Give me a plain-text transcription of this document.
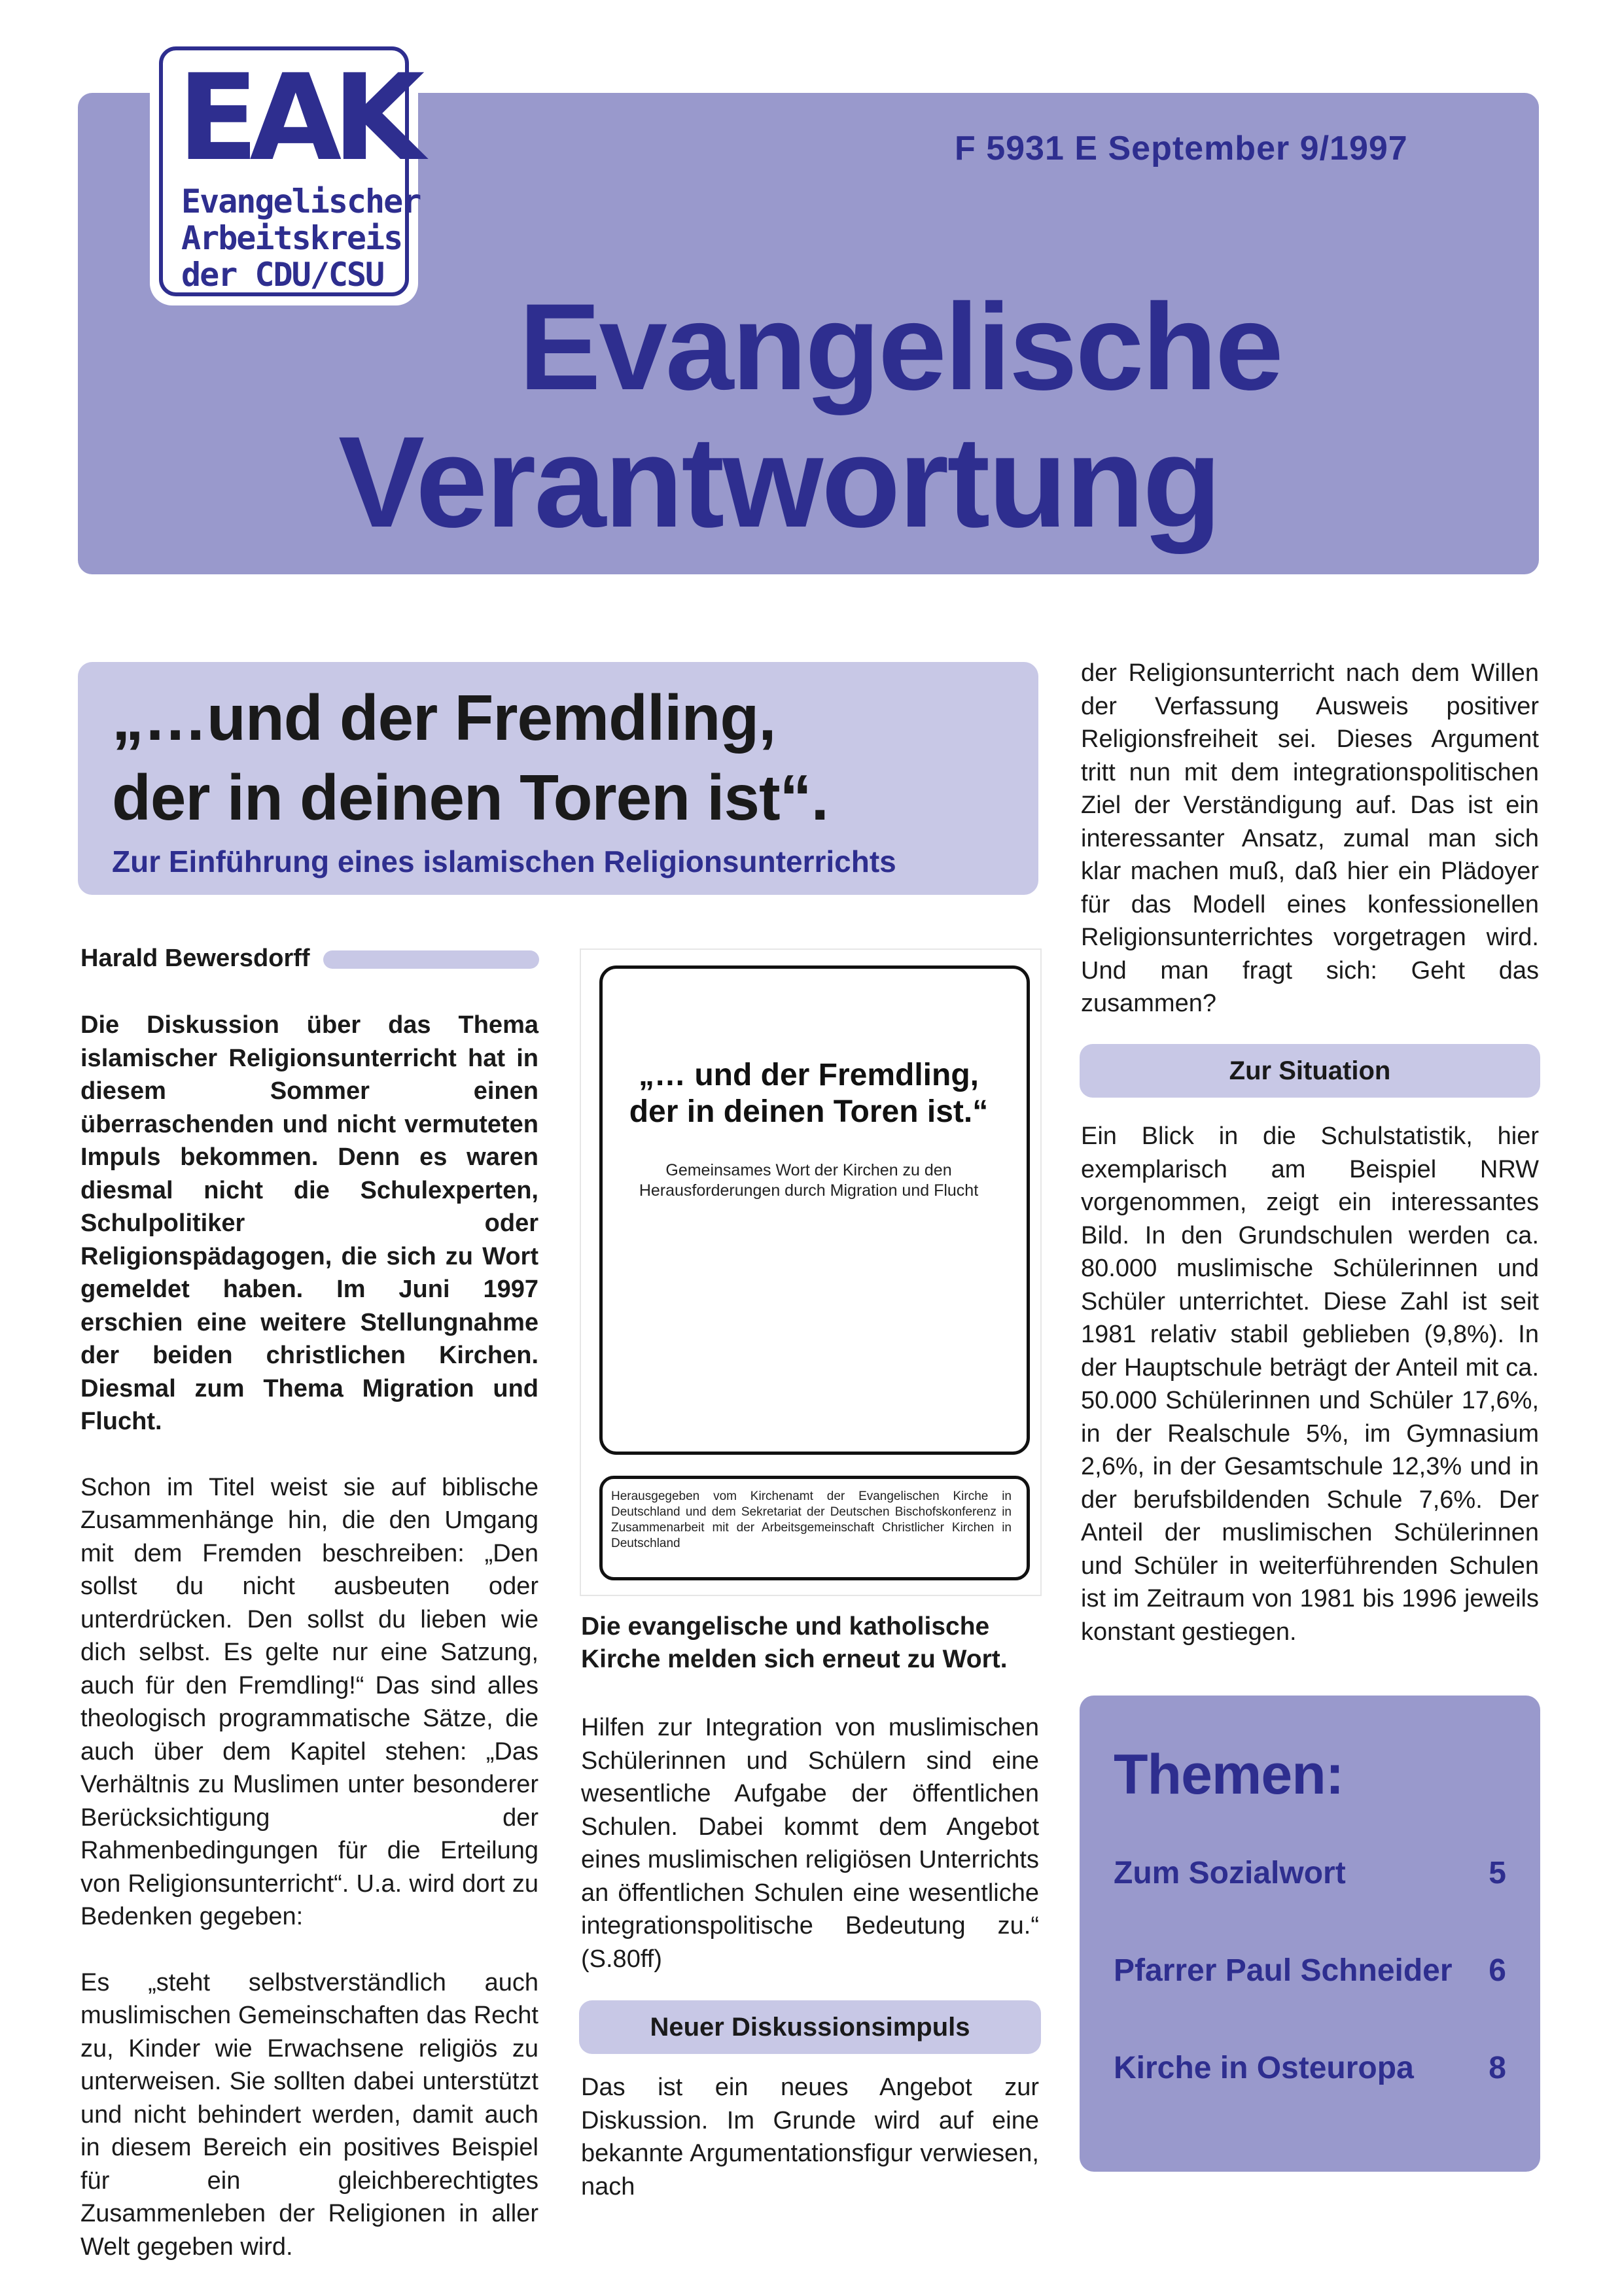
F 5931 E September 9/1997
Evangelische
Verantwortung
EAK
Evangelischer
Arbeitskreis
der CDU/CSU
„…und der Fremdling,
der in deinen Toren ist“.
Zur Einführung eines islamischen Religionsunterrichts
Harald Bewersdorff

Die Diskussion über das Thema islamischer Religionsunterricht hat in diesem Sommer einen überraschenden und nicht vermuteten Impuls bekommen. Denn es waren diesmal nicht die Schulexperten, Schulpolitiker oder Religionspädagogen, die sich zu Wort gemeldet haben. Im Juni 1997 erschien eine weitere Stellungnahme der beiden christlichen Kirchen. Diesmal zum Thema Migration und Flucht.

Schon im Titel weist sie auf biblische Zusammenhänge hin, die den Umgang mit dem Fremden beschreiben: „Den sollst du nicht ausbeuten oder unterdrücken. Den sollst du lieben wie dich selbst. Es gelte nur eine Satzung, auch für den Fremdling!“ Das sind alles theologisch programmatische Sätze, die auch über dem Kapitel stehen: „Das Verhältnis zu Muslimen unter besonderer Berücksichtigung der Rahmenbedingungen für die Erteilung von Religionsunterricht“. U.a. wird dort zu Bedenken gegeben:

Es „steht selbstverständlich auch muslimischen Gemeinschaften das Recht zu, Kinder wie Erwachsene religiös zu unterweisen. Sie sollten dabei unterstützt und nicht behindert werden, damit auch in diesem Bereich ein positives Beispiel für ein gleichberechtigtes Zusammenleben der Religionen in aller Welt gegeben wird.

„… und der Fremdling, der in deinen Toren ist.“
Gemeinsames Wort der Kirchen zu den Herausforderungen durch Migration und Flucht
Herausgegeben vom Kirchenamt der Evangelischen Kirche in Deutschland und dem Sekretariat der Deutschen Bischofskonferenz in Zusammenarbeit mit der Arbeitsgemeinschaft Christlicher Kirchen in Deutschland
Die evangelische und katholische Kirche melden sich erneut zu Wort.

Hilfen zur Integration von muslimischen Schülerinnen und Schülern sind eine wesentliche Aufgabe der öffentlichen Schulen. Dabei kommt dem Angebot eines muslimischen religiösen Unterrichts an öffentlichen Schulen eine wesentliche integrationspolitische Bedeutung zu.“ (S.80ff)

Neuer Diskussionsimpuls

Das ist ein neues Angebot zur Diskussion. Im Grunde wird auf eine bekannte Argumentationsfigur verwiesen, nach

der Religionsunterricht nach dem Willen der Verfassung Ausweis positiver Religionsfreiheit sei. Dieses Argument tritt nun mit dem integrationspolitischen Ziel der Verständigung auf. Das ist ein interessanter Ansatz, zumal man sich klar machen muß, daß hier ein Plädoyer für das Modell eines konfessionellen Religionsunterrichtes vorgetragen wird. Und man fragt sich: Geht das zusammen?

Zur Situation

Ein Blick in die Schulstatistik, hier exemplarisch am Beispiel NRW vorgenommen, zeigt ein interessantes Bild. In den Grundschulen werden ca. 80.000 muslimische Schülerinnen und Schüler unterrichtet. Diese Zahl ist seit 1981 relativ stabil geblieben (9,8%). In der Hauptschule beträgt der Anteil mit ca. 50.000 Schülerinnen und Schüler 17,6%, in der Realschule 5%, im Gymnasium 2,6%, in der Gesamtschule 12,3% und in der berufsbildenden Schule 7,6%. Der Anteil der muslimischen Schülerinnen und Schüler in weiterführenden Schulen ist im Zeitraum von 1981 bis 1996 jeweils konstant gestiegen.

Themen:
Zum Sozialwort	5
Pfarrer Paul Schneider 6
Kirche in Osteuropa 8
